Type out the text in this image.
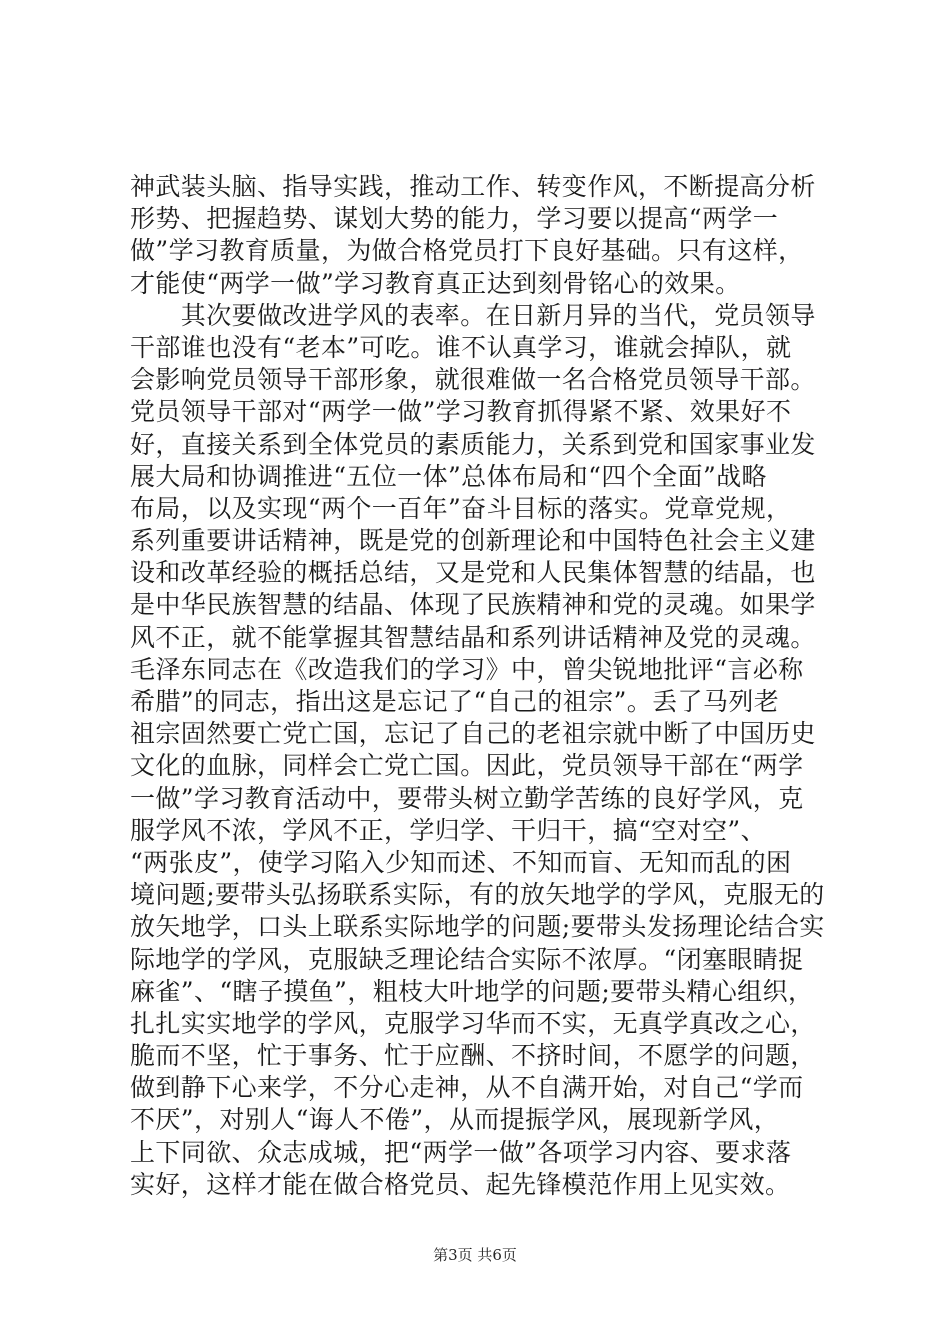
神武装头脑、指导实践，推动工作、转变作风，不断提高分析
形势、把握趋势、谋划大势的能力，学习要以提高“两学一
做”学习教育质量，为做合格党员打下良好基础。只有这样，
才能使“两学一做”学习教育真正达到刻骨铭心的效果。
　　其次要做改进学风的表率。在日新月异的当代，党员领导
干部谁也没有“老本”可吃。谁不认真学习，谁就会掉队，就
会影响党员领导干部形象，就很难做一名合格党员领导干部。
党员领导干部对“两学一做”学习教育抓得紧不紧、效果好不
好，直接关系到全体党员的素质能力，关系到党和国家事业发
展大局和协调推进“五位一体”总体布局和“四个全面”战略
布局，以及实现“两个一百年”奋斗目标的落实。党章党规，
系列重要讲话精神，既是党的创新理论和中国特色社会主义建
设和改革经验的概括总结，又是党和人民集体智慧的结晶，也
是中华民族智慧的结晶、体现了民族精神和党的灵魂。如果学
风不正，就不能掌握其智慧结晶和系列讲话精神及党的灵魂。
毛泽东同志在《改造我们的学习》中，曾尖锐地批评“言必称
希腊”的同志，指出这是忘记了“自己的祖宗”。丢了马列老
祖宗固然要亡党亡国，忘记了自己的老祖宗就中断了中国历史
文化的血脉，同样会亡党亡国。因此，党员领导干部在“两学
一做”学习教育活动中，要带头树立勤学苦练的良好学风，克
服学风不浓，学风不正，学归学、干归干，搞“空对空”、
“两张皮”，使学习陷入少知而述、不知而盲、无知而乱的困
境问题;要带头弘扬联系实际，有的放矢地学的学风，克服无的
放矢地学，口头上联系实际地学的问题;要带头发扬理论结合实
际地学的学风，克服缺乏理论结合实际不浓厚。“闭塞眼睛捉
麻雀”、“瞎子摸鱼”，粗枝大叶地学的问题;要带头精心组织，
扎扎实实地学的学风，克服学习华而不实，无真学真改之心，
脆而不坚，忙于事务、忙于应酬、不挤时间，不愿学的问题，
做到静下心来学，不分心走神，从不自满开始，对自己“学而
不厌”，对别人“诲人不倦”，从而提振学风，展现新学风，
上下同欲、众志成城，把“两学一做”各项学习内容、要求落
实好，这样才能在做合格党员、起先锋模范作用上见实效。
第3页 共6页
